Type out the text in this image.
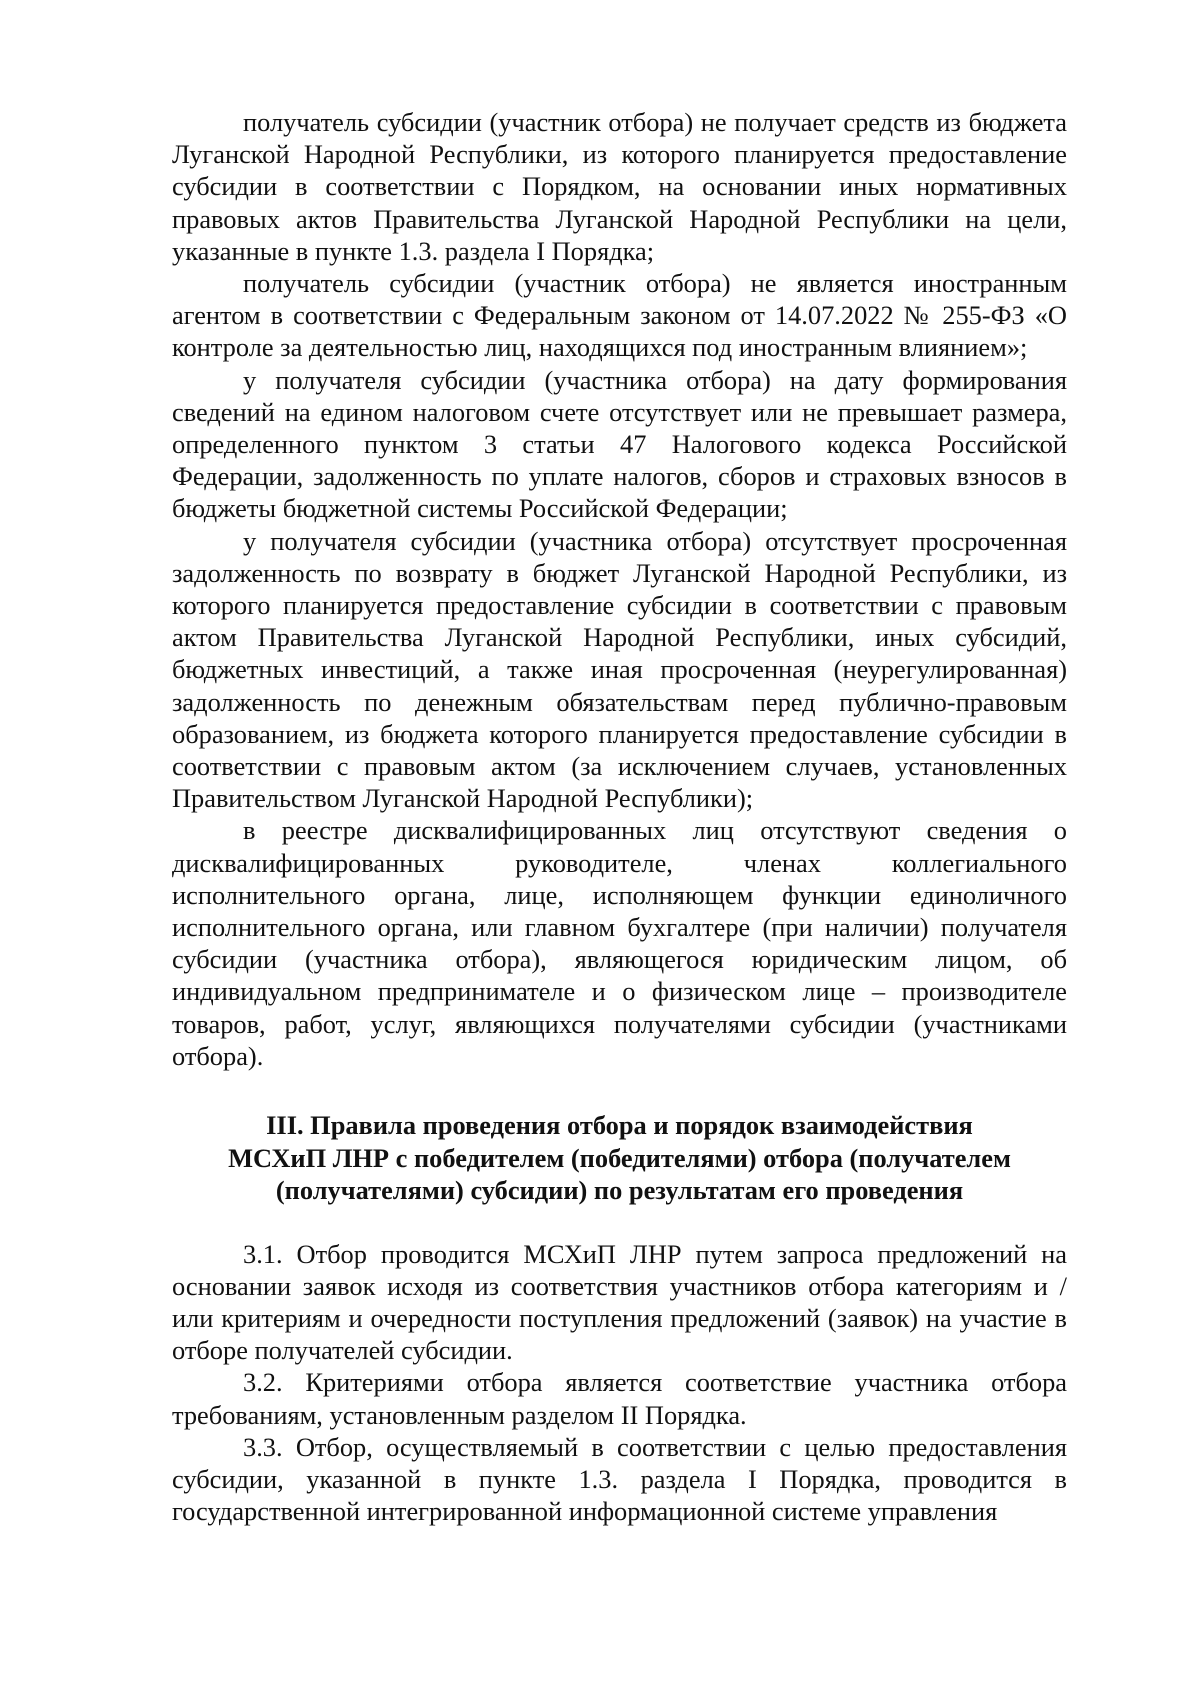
получатель субсидии (участник отбора) не получает средств из бюджета Луганской Народной Республики, из которого планируется предоставление субсидии в соответствии с Порядком, на основании иных нормативных правовых актов Правительства Луганской Народной Республики на цели, указанные в пункте 1.3. раздела I Порядка;

получатель субсидии (участник отбора) не является иностранным агентом в соответствии с Федеральным законом от 14.07.2022 № 255-ФЗ «О контроле за деятельностью лиц, находящихся под иностранным влиянием»;

у получателя субсидии (участника отбора) на дату формирования сведений на едином налоговом счете отсутствует или не превышает размера, определенного пунктом 3 статьи 47 Налогового кодекса Российской Федерации, задолженность по уплате налогов, сборов и страховых взносов в бюджеты бюджетной системы Российской Федерации;

у получателя субсидии (участника отбора) отсутствует просроченная задолженность по возврату в бюджет Луганской Народной Республики, из которого планируется предоставление субсидии в соответствии с правовым актом Правительства Луганской Народной Республики, иных субсидий, бюджетных инвестиций, а также иная просроченная (неурегулированная) задолженность по денежным обязательствам перед публично-правовым образованием, из бюджета которого планируется предоставление субсидии в соответствии с правовым актом (за исключением случаев, установленных Правительством Луганской Народной Республики);

в реестре дисквалифицированных лиц отсутствуют сведения о дисквалифицированных руководителе, членах коллегиального исполнительного органа, лице, исполняющем функции единоличного исполнительного органа, или главном бухгалтере (при наличии) получателя субсидии (участника отбора), являющегося юридическим лицом, об индивидуальном предпринимателе и о физическом лице – производителе товаров, работ, услуг, являющихся получателями субсидии (участниками отбора).

III. Правила проведения отбора и порядок взаимодействия
МСХиП ЛНР с победителем (победителями) отбора (получателем
(получателями) субсидии) по результатам его проведения

3.1. Отбор проводится МСХиП ЛНР путем запроса предложений на основании заявок исходя из соответствия участников отбора категориям и / или критериям и очередности поступления предложений (заявок) на участие в отборе получателей субсидии.

3.2. Критериями отбора является соответствие участника отбора требованиям, установленным разделом II Порядка.

3.3. Отбор, осуществляемый в соответствии с целью предоставления субсидии, указанной в пункте 1.3. раздела I Порядка, проводится в государственной интегрированной информационной системе управления
